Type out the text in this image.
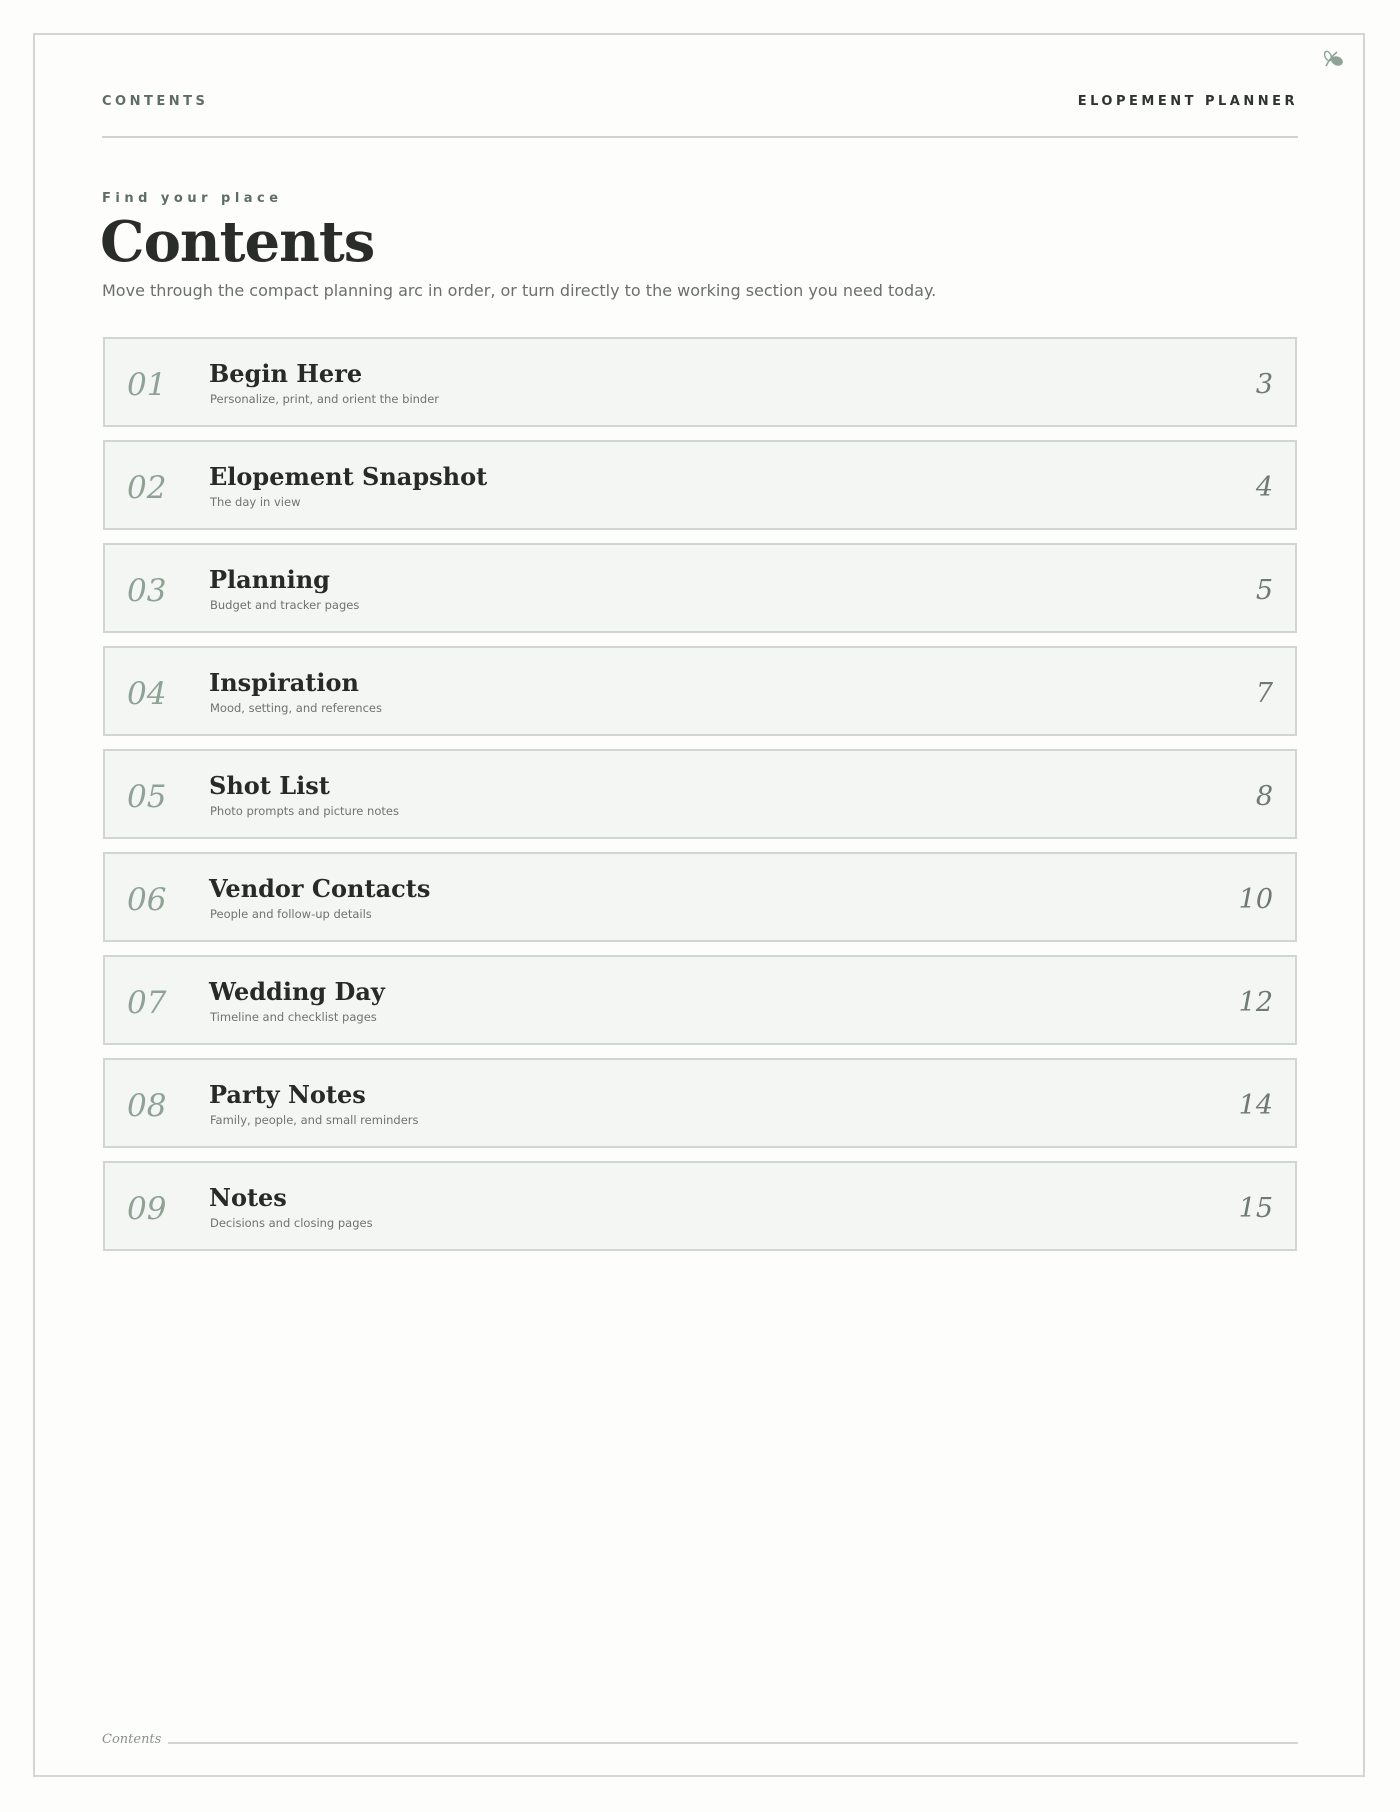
CONTENTS	ELOPEMENT PLANNER
Find your place
Contents
Move through the compact planning arc in order, or turn directly to the working section you need today.
01 Begin Here
Personalize, print, and orient the binder	3
02 Elopement Snapshot
The day in view	4
03 Planning
Budget and tracker pages	5
04 Inspiration
Mood, setting, and references	7
05 Shot List
Photo prompts and picture notes	8
06 Vendor Contacts
People and follow-up details	10
07 Wedding Day
Timeline and checklist pages	12
08 Party Notes
Family, people, and small reminders	14
09 Notes
Decisions and closing pages	15
Contents
